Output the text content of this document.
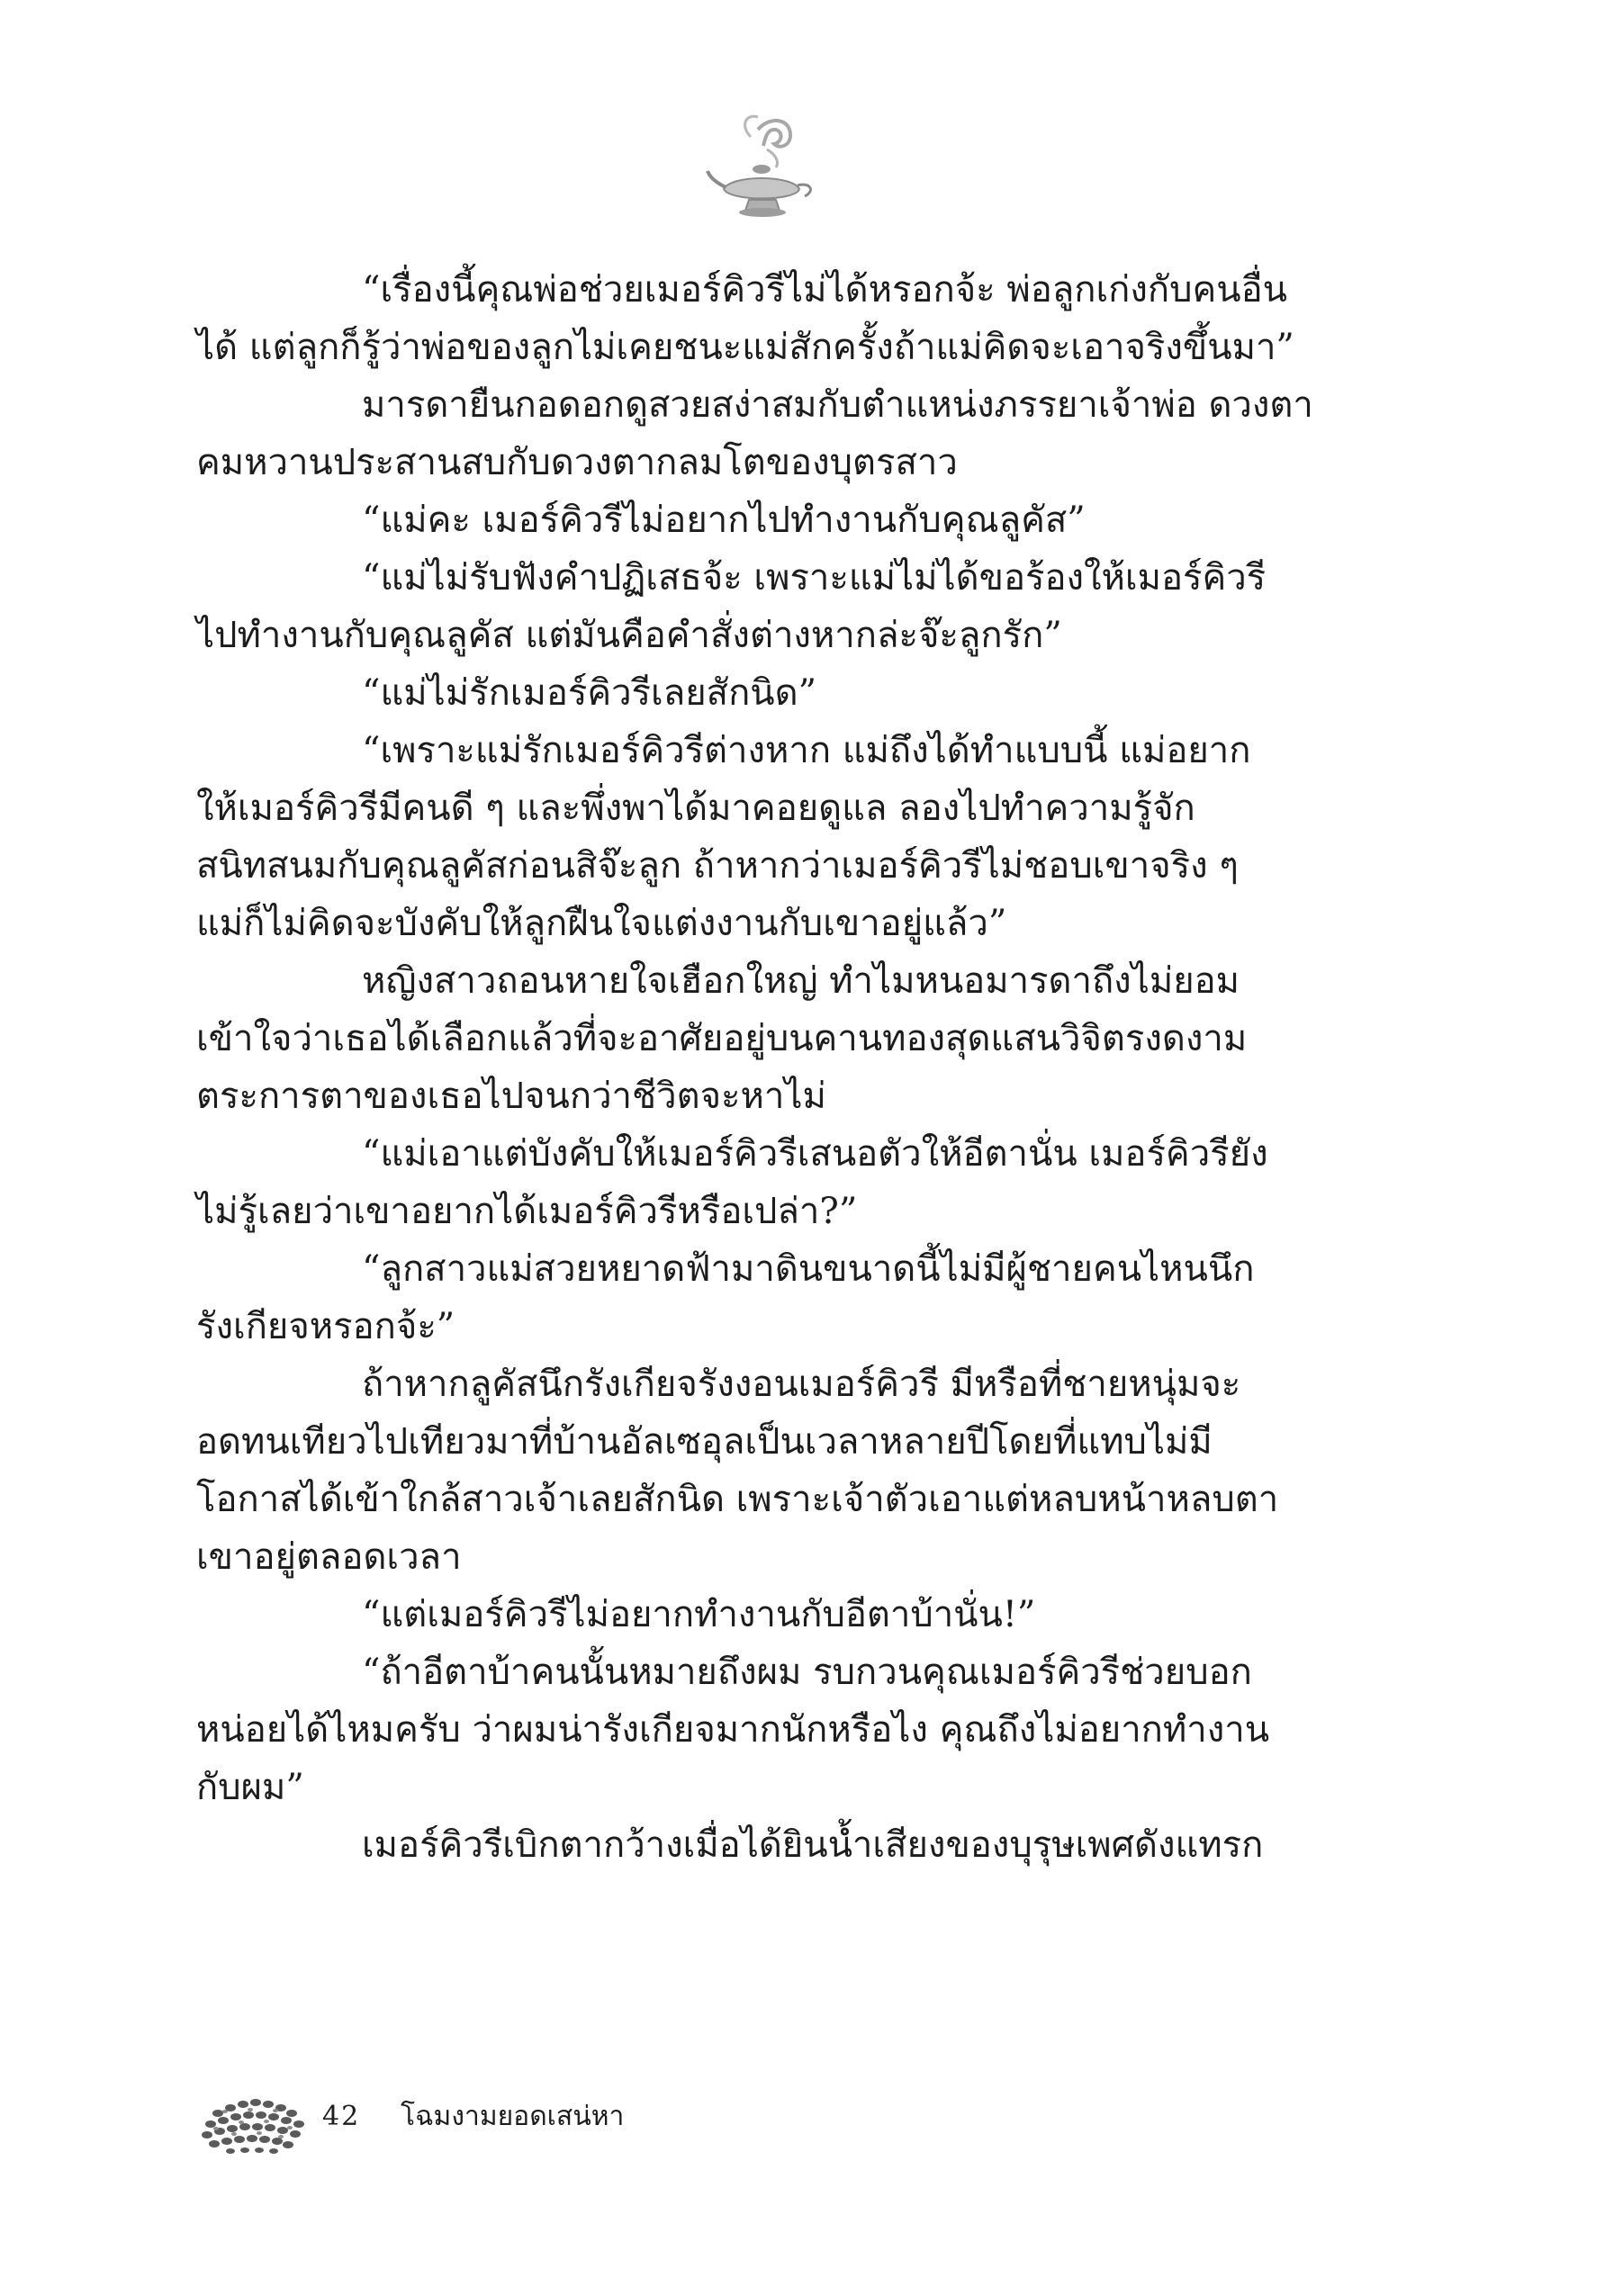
“เรื่องนี้คุณพ่อช่วยเมอร์คิวรีไม่ได้หรอกจ้ะ พ่อลูกเก่งกับคนอื่น
ได้ แต่ลูกก็รู้ว่าพ่อของลูกไม่เคยชนะแม่สักครั้งถ้าแม่คิดจะเอาจริงขึ้นมา”
มารดายืนกอดอกดูสวยสง่าสมกับตำแหน่งภรรยาเจ้าพ่อ ดวงตา
คมหวานประสานสบกับดวงตากลมโตของบุตรสาว
“แม่คะ เมอร์คิวรีไม่อยากไปทำงานกับคุณลูคัส”
“แม่ไม่รับฟังคำปฏิเสธจ้ะ เพราะแม่ไม่ได้ขอร้องให้เมอร์คิวรี
ไปทำงานกับคุณลูคัส แต่มันคือคำสั่งต่างหากล่ะจ๊ะลูกรัก”
“แม่ไม่รักเมอร์คิวรีเลยสักนิด”
“เพราะแม่รักเมอร์คิวรีต่างหาก แม่ถึงได้ทำแบบนี้ แม่อยาก
ให้เมอร์คิวรีมีคนดี ๆ และพึ่งพาได้มาคอยดูแล ลองไปทำความรู้จัก
สนิทสนมกับคุณลูคัสก่อนสิจ๊ะลูก ถ้าหากว่าเมอร์คิวรีไม่ชอบเขาจริง ๆ
แม่ก็ไม่คิดจะบังคับให้ลูกฝืนใจแต่งงานกับเขาอยู่แล้ว”
หญิงสาวถอนหายใจเฮือกใหญ่ ทำไมหนอมารดาถึงไม่ยอม
เข้าใจว่าเธอได้เลือกแล้วที่จะอาศัยอยู่บนคานทองสุดแสนวิจิตรงดงาม
ตระการตาของเธอไปจนกว่าชีวิตจะหาไม่
“แม่เอาแต่บังคับให้เมอร์คิวรีเสนอตัวให้อีตานั่น เมอร์คิวรียัง
ไม่รู้เลยว่าเขาอยากได้เมอร์คิวรีหรือเปล่า?”
“ลูกสาวแม่สวยหยาดฟ้ามาดินขนาดนี้ไม่มีผู้ชายคนไหนนึก
รังเกียจหรอกจ้ะ”
ถ้าหากลูคัสนึกรังเกียจรังงอนเมอร์คิวรี มีหรือที่ชายหนุ่มจะ
อดทนเทียวไปเทียวมาที่บ้านอัลเซอุลเป็นเวลาหลายปีโดยที่แทบไม่มี
โอกาสได้เข้าใกล้สาวเจ้าเลยสักนิด เพราะเจ้าตัวเอาแต่หลบหน้าหลบตา
เขาอยู่ตลอดเวลา
“แต่เมอร์คิวรีไม่อยากทำงานกับอีตาบ้านั่น!”
“ถ้าอีตาบ้าคนนั้นหมายถึงผม รบกวนคุณเมอร์คิวรีช่วยบอก
หน่อยได้ไหมครับ ว่าผมน่ารังเกียจมากนักหรือไง คุณถึงไม่อยากทำงาน
กับผม”
เมอร์คิวรีเบิกตากว้างเมื่อได้ยินน้ำเสียงของบุรุษเพศดังแทรก
42 โฉมงามยอดเสน่หา
